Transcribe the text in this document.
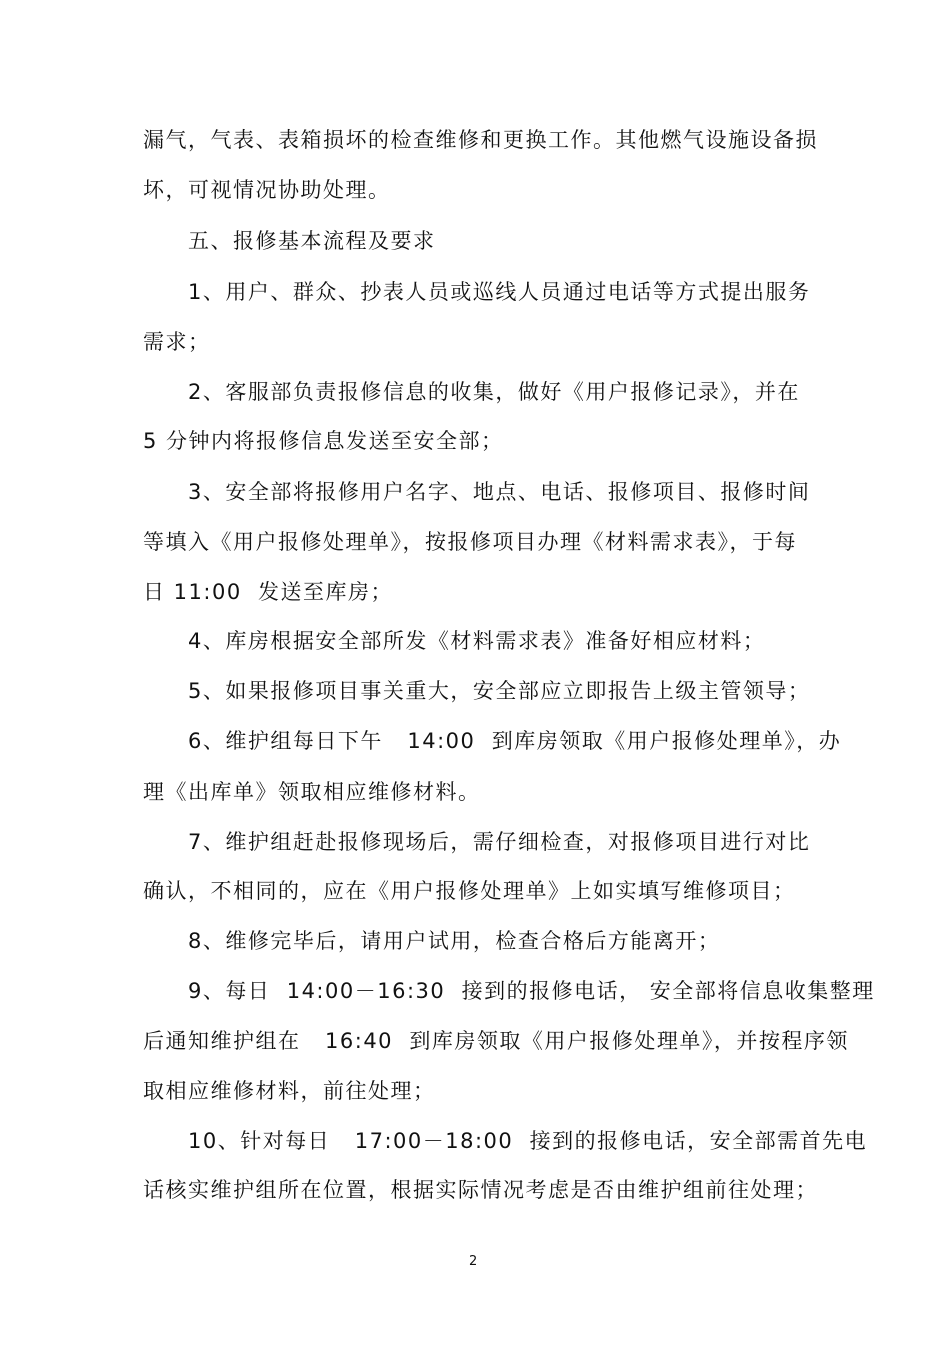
漏气，气表、表箱损坏的检查维修和更换工作。其他燃气设施设备损
坏，可视情况协助处理。
五、报修基本流程及要求
1、用户、群众、抄表人员或巡线人员通过电话等方式提出服务
需求；
2、客服部负责报修信息的收集，做好《用户报修记录》，并在
5 分钟内将报修信息发送至安全部；
3、安全部将报修用户名字、地点、电话、报修项目、报修时间
等填入《用户报修处理单》，按报修项目办理《材料需求表》，于每
日 11:00  发送至库房；
4、库房根据安全部所发《材料需求表》准备好相应材料；
5、如果报修项目事关重大，安全部应立即报告上级主管领导；
6、维护组每日下午   14:00  到库房领取《用户报修处理单》，办
理《出库单》领取相应维修材料。
7、维护组赶赴报修现场后，需仔细检查，对报修项目进行对比
确认，不相同的，应在《用户报修处理单》上如实填写维修项目；
8、维修完毕后，请用户试用，检查合格后方能离开；
9、每日  14:00－16:30  接到的报修电话， 安全部将信息收集整理
后通知维护组在   16:40  到库房领取《用户报修处理单》，并按程序领
取相应维修材料，前往处理；
10、针对每日   17:00－18:00  接到的报修电话，安全部需首先电
话核实维护组所在位置，根据实际情况考虑是否由维护组前往处理；
2
